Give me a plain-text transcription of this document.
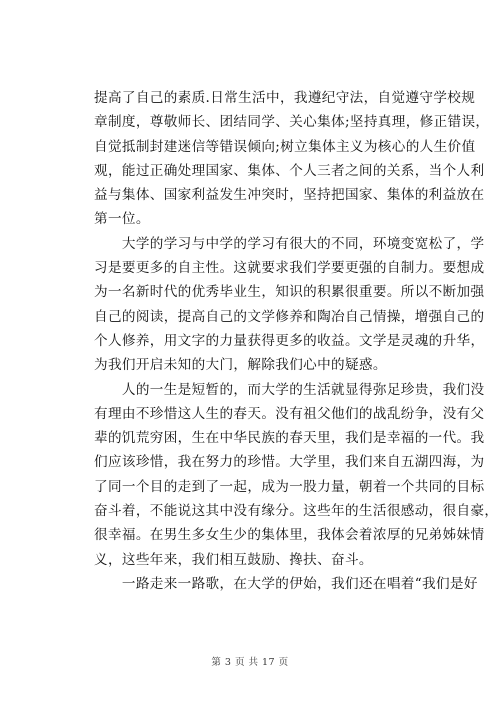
提高了自己的素质.日常生活中，我遵纪守法，自觉遵守学校规
章制度，尊敬师长、团结同学、关心集体;坚持真理，修正错误，
自觉抵制封建迷信等错误倾向;树立集体主义为核心的人生价值
观，能过正确处理国家、集体、个人三者之间的关系，当个人利
益与集体、国家利益发生冲突时，坚持把国家、集体的利益放在
第一位。
　　大学的学习与中学的学习有很大的不同，环境变宽松了，学
习是要更多的自主性。这就要求我们学要更强的自制力。要想成
为一名新时代的优秀毕业生，知识的积累很重要。所以不断加强
自己的阅读，提高自己的文学修养和陶冶自己情操，增强自己的
个人修养，用文字的力量获得更多的收益。文学是灵魂的升华，
为我们开启未知的大门，解除我们心中的疑惑。
　　人的一生是短暂的，而大学的生活就显得弥足珍贵，我们没
有理由不珍惜这人生的春天。没有祖父他们的战乱纷争，没有父
辈的饥荒穷困，生在中华民族的春天里，我们是幸福的一代。我
们应该珍惜，我在努力的珍惜。大学里，我们来自五湖四海，为
了同一个目的走到了一起，成为一股力量，朝着一个共同的目标
奋斗着，不能说这其中没有缘分。这些年的生活很感动，很自豪，
很幸福。在男生多女生少的集体里，我体会着浓厚的兄弟姊妹情
义，这些年来，我们相互鼓励、搀扶、奋斗。
　　一路走来一路歌，在大学的伊始，我们还在唱着“我们是好
第 3 页 共 17 页
